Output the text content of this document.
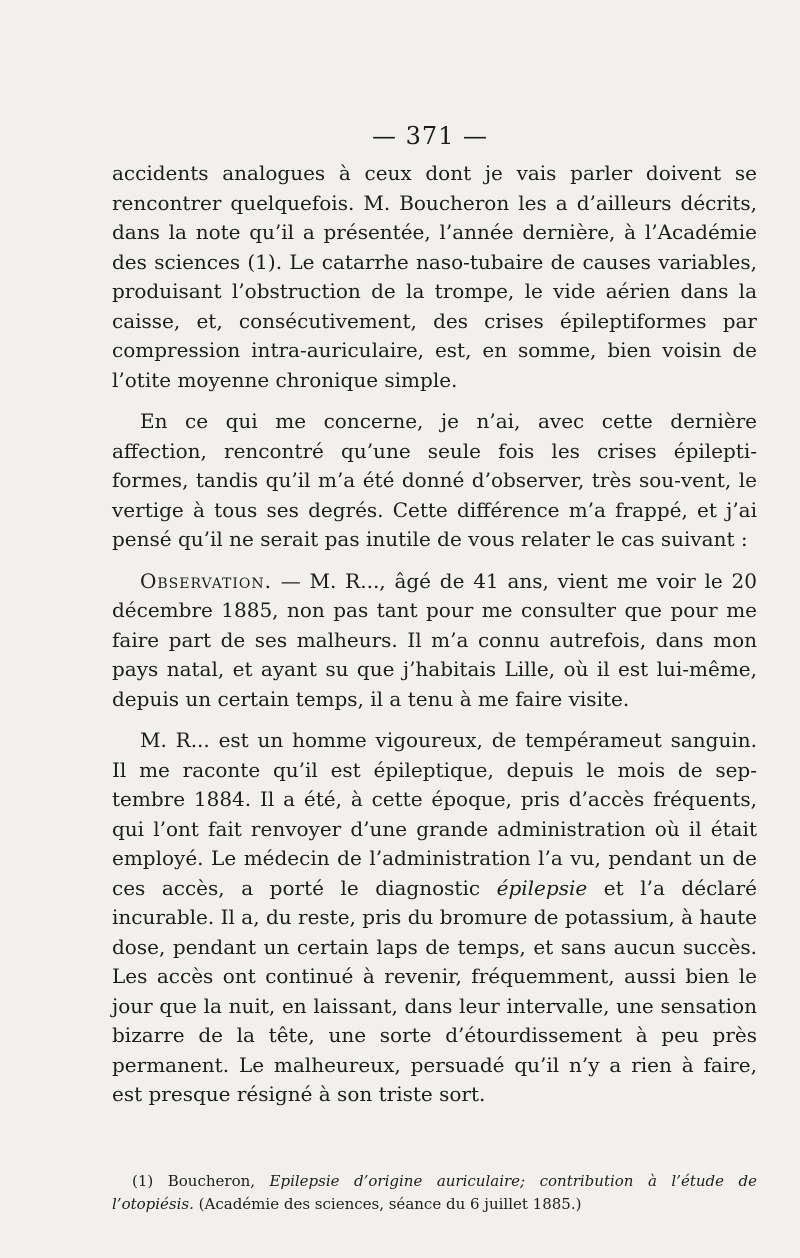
— 371 —

accidents analogues à ceux dont je vais parler doivent se rencontrer quelquefois. M. Boucheron les a d’ailleurs décrits, dans la note qu’il a présentée, l’année dernière, à l’Académie des sciences (1). Le catarrhe naso-tubaire de causes variables, produisant l’obstruction de la trompe, le vide aérien dans la caisse, et, consécutivement, des crises épileptiformes par compression intra-auriculaire, est, en somme, bien voisin de l’otite moyenne chronique simple.

En ce qui me concerne, je n’ai, avec cette dernière affection, rencontré qu’une seule fois les crises épilepti-formes, tandis qu’il m’a été donné d’observer, très sou-vent, le vertige à tous ses degrés. Cette différence m’a frappé, et j’ai pensé qu’il ne serait pas inutile de vous relater le cas suivant :

Observation. — M. R..., âgé de 41 ans, vient me voir le 20 décembre 1885, non pas tant pour me consulter que pour me faire part de ses malheurs. Il m’a connu autrefois, dans mon pays natal, et ayant su que j’habitais Lille, où il est lui-même, depuis un certain temps, il a tenu à me faire visite.

M. R... est un homme vigoureux, de tempérameut sanguin. Il me raconte qu’il est épileptique, depuis le mois de sep-tembre 1884. Il a été, à cette époque, pris d’accès fréquents, qui l’ont fait renvoyer d’une grande administration où il était employé. Le médecin de l’administration l’a vu, pendant un de ces accès, a porté le diagnostic épilepsie et l’a déclaré incurable. Il a, du reste, pris du bromure de potassium, à haute dose, pendant un certain laps de temps, et sans aucun succès. Les accès ont continué à revenir, fréquemment, aussi bien le jour que la nuit, en laissant, dans leur intervalle, une sensation bizarre de la tête, une sorte d’étourdissement à peu près permanent. Le malheureux, persuadé qu’il n’y a rien à faire, est presque résigné à son triste sort.

(1) Boucheron, Epilepsie d’origine auriculaire; contribution à l’étude de l’otopiésis. (Académie des sciences, séance du 6 juillet 1885.)
